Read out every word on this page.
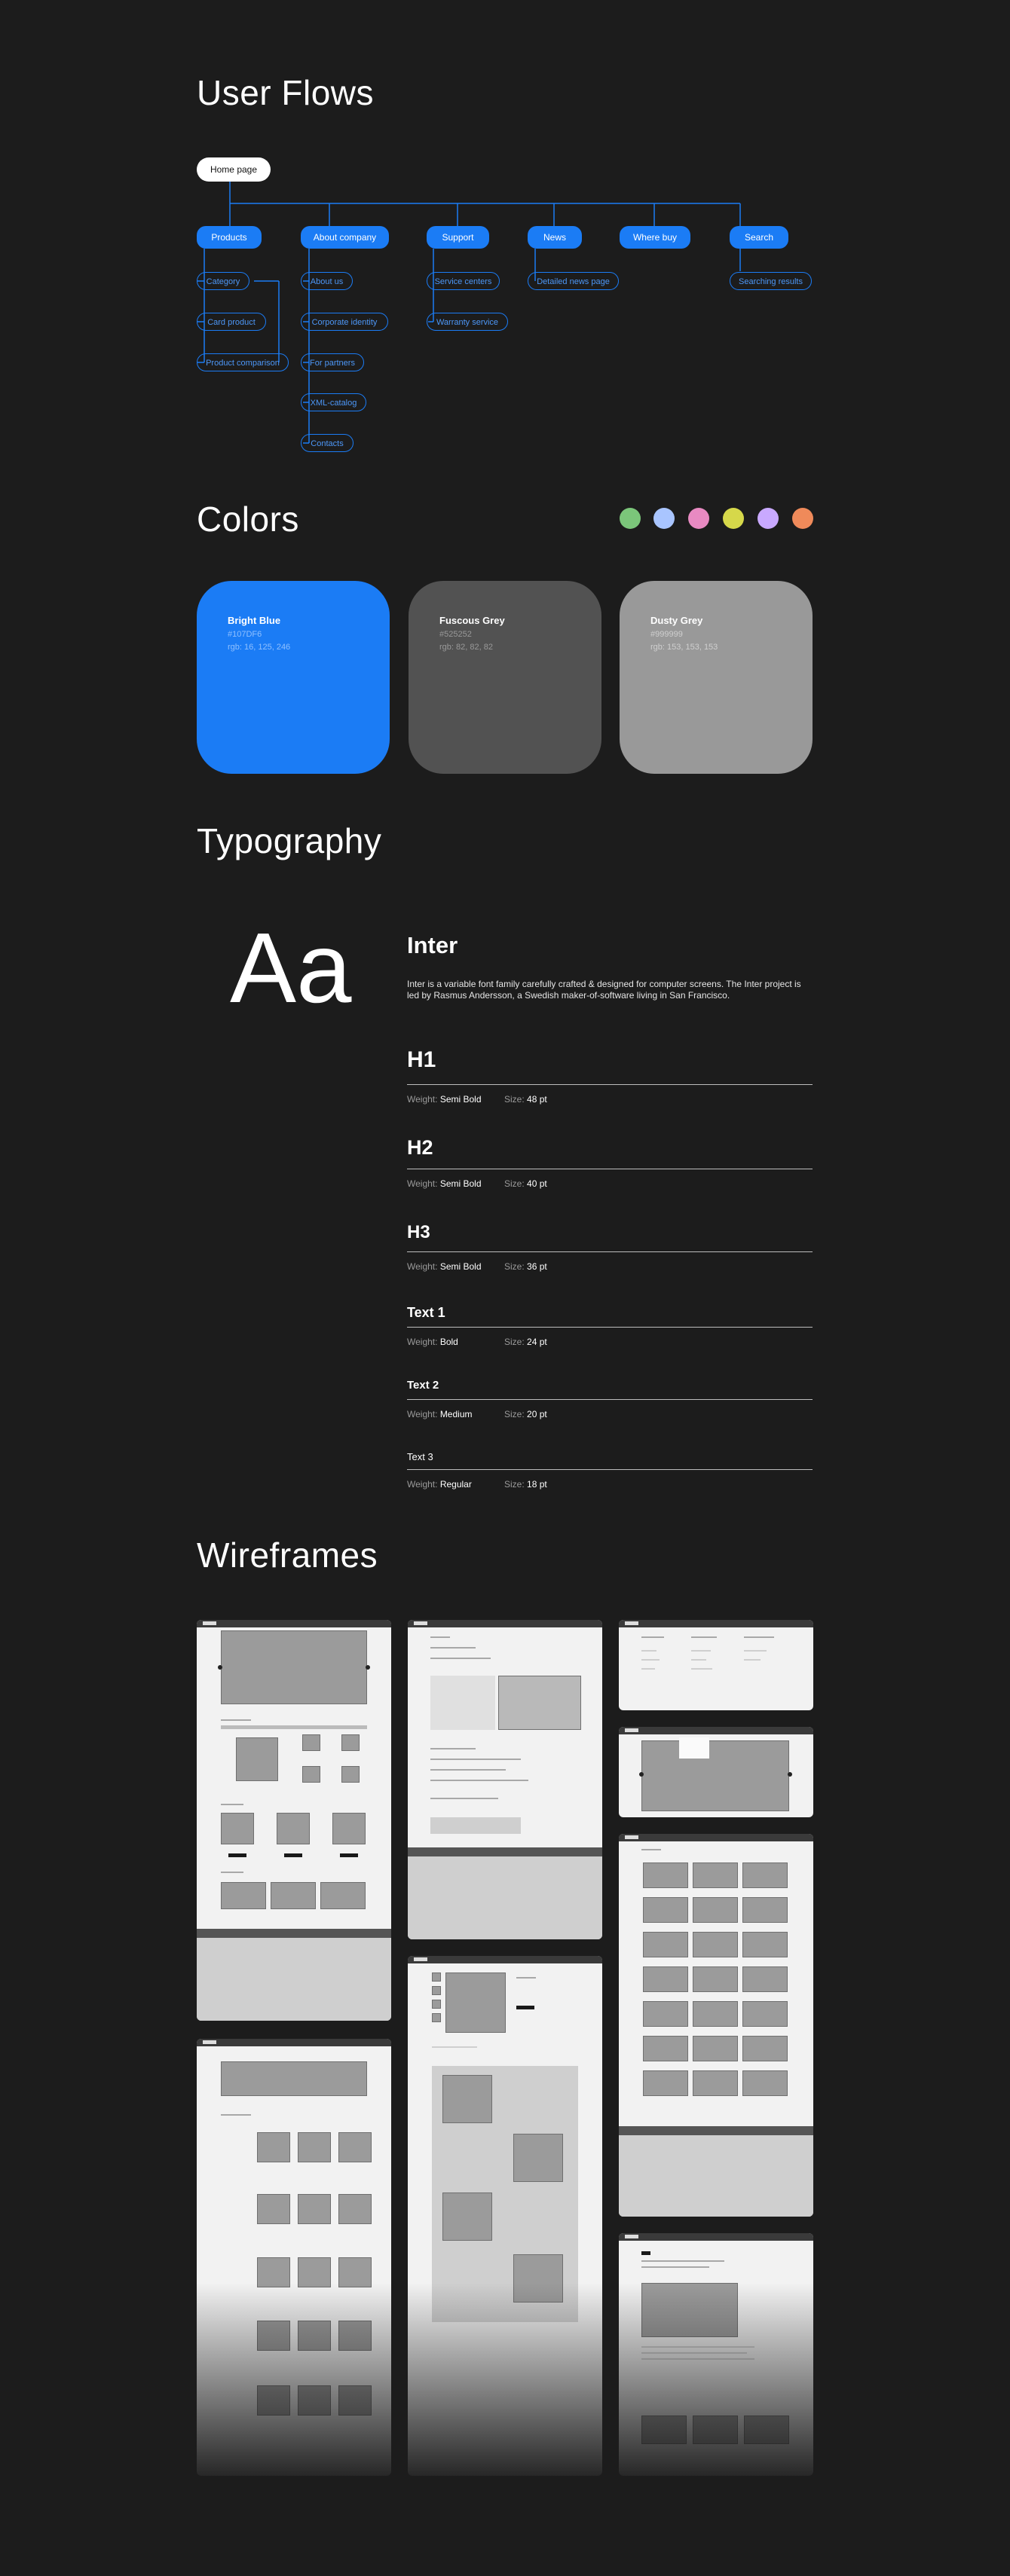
User Flows
Home page
Products	About company	Support	News	Where buy	Search
Category
Card product
Product comparison
About us
Corporate identity
For partners
XML-catalog
Contacts
Service centers
Warranty service
Detailed news page	Searching results
Colors
Bright Blue
#107DF6
rgb: 16, 125, 246
Fuscous Grey
#525252
rgb: 82, 82, 82
Dusty Grey
#999999
rgb: 153, 153, 153
Typography
Aa Inter
Inter is a variable font family carefully crafted & designed for computer screens. The Inter project is led by Rasmus Andersson, a Swedish maker-of-software living in San Francisco.
H1
Weight: Semi Bold	Size: 48 pt
H2
Weight: Semi Bold	Size: 40 pt
H3
Weight: Semi Bold	Size: 36 pt
Text 1
Weight: Bold	Size: 24 pt
Text 2
Weight: Medium	Size: 20 pt
Text 3
Weight: Regular	Size: 18 pt
Wireframes
